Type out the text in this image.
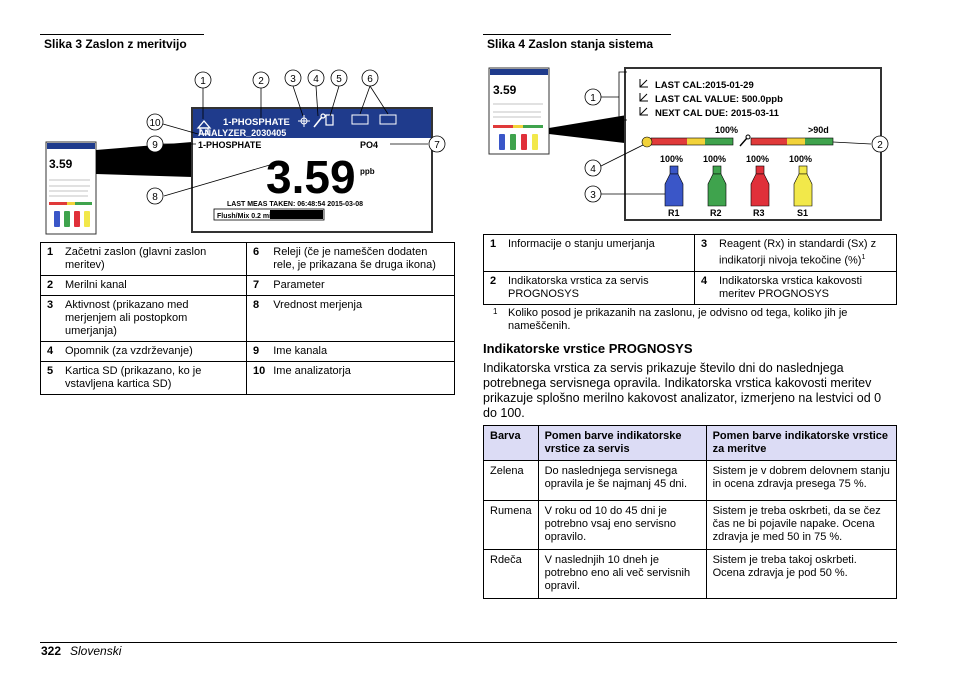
Slika 3 Zaslon z meritvijo
3.59
1-PHOSPHATE
ANALYZER_2030405
1-PHOSPHATE	PO4
3.59 ppb
LAST MEAS TAKEN: 06:48:54 2015-03-08
Flush/Mix 0.2 min
1	2	3 4 5	6
7
8
9
10
1	Začetni zaslon (glavni zaslon meritev)	6	Releji (če je nameščen dodaten rele, je prikazana še druga ikona)
2	Merilni kanal	7	Parameter
3	Aktivnost (prikazano med merjenjem ali postopkom umerjanja)	8	Vrednost merjenja
4	Opomnik (za vzdrževanje)	9	Ime kanala
5	Kartica SD (prikazano, ko je vstavljena kartica SD)	10	Ime analizatorja
Slika 4 Zaslon stanja sistema
3.59	LAST CAL:2015-01-29
LAST CAL VALUE: 500.0ppb
NEXT CAL DUE: 2015-03-11
100%	>90d
100% 100% 100% 100%
R1	R2	R3	S1
1
2
3
4
1	Informacije o stanju umerjanja	3	Reagent (Rx) in standardi (Sx) z indikatorji nivoja tekočine (%)$^1$
2	Indikatorska vrstica za servis PROGNOSYS	4	Indikatorska vrstica kakovosti meritev PROGNOSYS
1 Koliko posod je prikazanih na zaslonu, je odvisno od tega, koliko jih je nameščenih.
Indikatorske vrstice PROGNOSYS
Indikatorska vrstica za servis prikazuje število dni do naslednjega potrebnega servisnega opravila. Indikatorska vrstica kakovosti meritev prikazuje splošno merilno kakovost analizator, izmerjeno na lestvici od 0 do 100.
Barva	Pomen barve indikatorske vrstice za servis	Pomen barve indikatorske vrstice za meritve
Zelena	Do naslednjega servisnega opravila je še najmanj 45 dni.	Sistem je v dobrem delovnem stanju in ocena zdravja presega 75 %.
Rumena	V roku od 10 do 45 dni je potrebno vsaj eno servisno opravilo.	Sistem je treba oskrbeti, da se čez čas ne bi pojavile napake. Ocena zdravja je med 50 in 75 %.
Rdeča	V naslednjih 10 dneh je potrebno eno ali več servisnih opravil.	Sistem je treba takoj oskrbeti. Ocena zdravja je pod 50 %.
322 Slovenski
